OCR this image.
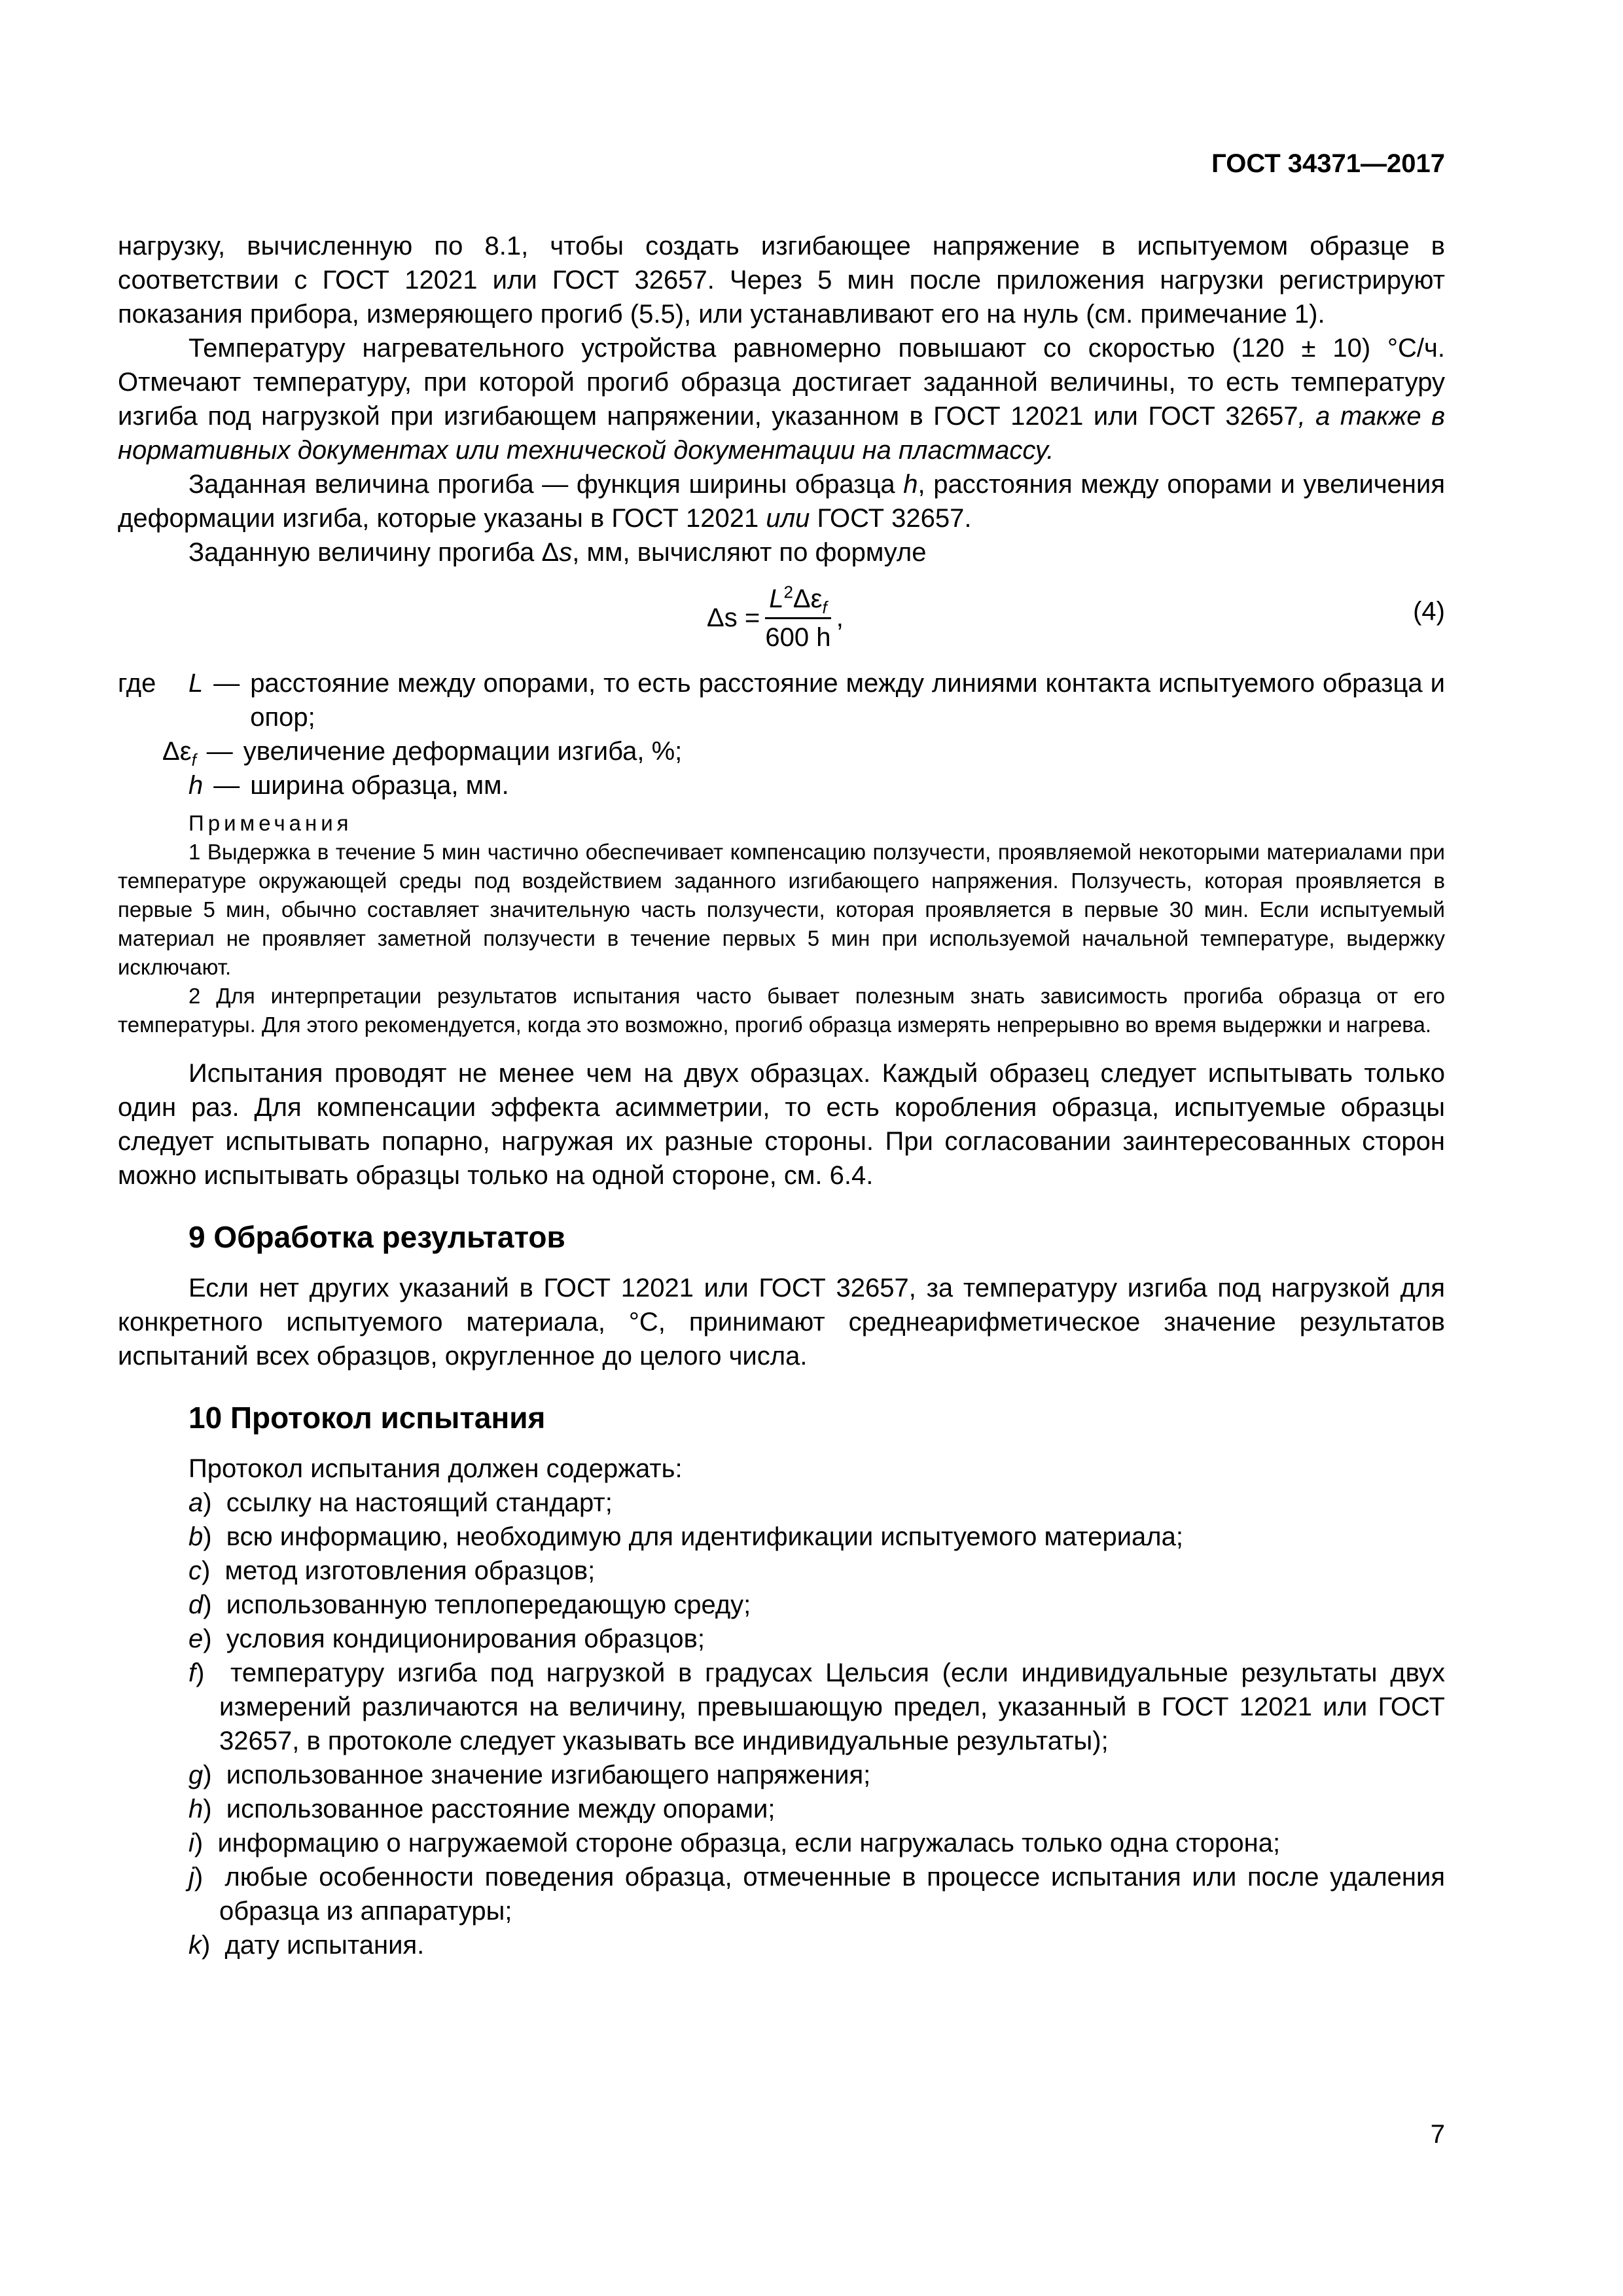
ГОСТ 34371—2017

нагрузку, вычисленную по 8.1, чтобы создать изгибающее напряжение в испытуемом образце в соответствии с ГОСТ 12021 или ГОСТ 32657. Через 5 мин после приложения нагрузки регистрируют показания прибора, измеряющего прогиб (5.5), или устанавливают его на нуль (см. примечание 1).

Температуру нагревательного устройства равномерно повышают со скоростью (120 ± 10) °С/ч. Отмечают температуру, при которой прогиб образца достигает заданной величины, то есть температуру изгиба под нагрузкой при изгибающем напряжении, указанном в ГОСТ 12021 или ГОСТ 32657, а также в нормативных документах или технической документации на пластмассу.

Заданная величина прогиба — функция ширины образца h, расстояния между опорами и увеличения деформации изгиба, которые указаны в ГОСТ 12021 или ГОСТ 32657.

Заданную величину прогиба Δs, мм, вычисляют по формуле

$\Delta s = \frac{L^2\Delta\varepsilon_f}{600 h}$ ,	(4)
где	L — расстояние между опорами, то есть расстояние между линиями контакта испытуемого образца и опор;
$\Delta\varepsilon_f$ — увеличение деформации изгиба, %;
h — ширина образца, мм.

Примечания

1 Выдержка в течение 5 мин частично обеспечивает компенсацию ползучести, проявляемой некоторыми материалами при температуре окружающей среды под воздействием заданного изгибающего напряжения. Ползучесть, которая проявляется в первые 5 мин, обычно составляет значительную часть ползучести, которая проявляется в первые 30 мин. Если испытуемый материал не проявляет заметной ползучести в течение первых 5 мин при используемой начальной температуре, выдержку исключают.

2 Для интерпретации результатов испытания часто бывает полезным знать зависимость прогиба образца от его температуры. Для этого рекомендуется, когда это возможно, прогиб образца измерять непрерывно во время выдержки и нагрева.

Испытания проводят не менее чем на двух образцах. Каждый образец следует испытывать только один раз. Для компенсации эффекта асимметрии, то есть коробления образца, испытуемые образцы следует испытывать попарно, нагружая их разные стороны. При согласовании заинтересованных сторон можно испытывать образцы только на одной стороне, см. 6.4.

9 Обработка результатов

Если нет других указаний в ГОСТ 12021 или ГОСТ 32657, за температуру изгиба под нагрузкой для конкретного испытуемого материала, °С, принимают среднеарифметическое значение результатов испытаний всех образцов, округленное до целого числа.

10 Протокол испытания

Протокол испытания должен содержать:

a)  ссылку на настоящий стандарт;

b)  всю информацию, необходимую для идентификации испытуемого материала;

c)  метод изготовления образцов;

d)  использованную теплопередающую среду;

e)  условия кондиционирования образцов;

f)  температуру изгиба под нагрузкой в градусах Цельсия (если индивидуальные результаты двух измерений различаются на величину, превышающую предел, указанный в ГОСТ 12021 или ГОСТ 32657, в протоколе следует указывать все индивидуальные результаты);

g)  использованное значение изгибающего напряжения;

h)  использованное расстояние между опорами;

i)  информацию о нагружаемой стороне образца, если нагружалась только одна сторона;

j)  любые особенности поведения образца, отмеченные в процессе испытания или после удаления образца из аппаратуры;

k)  дату испытания.

7
